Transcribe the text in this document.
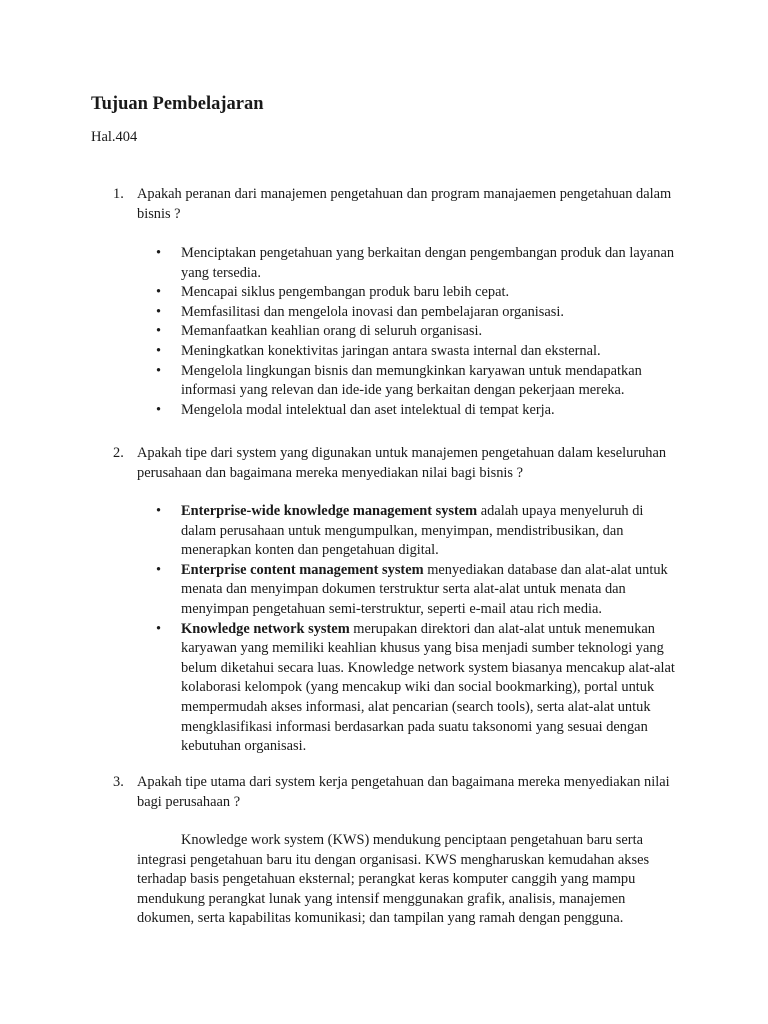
Tujuan Pembelajaran

Hal.404

1. Apakah peranan dari manajemen pengetahuan dan program manajaemen pengetahuan dalam bisnis ?
• Menciptakan pengetahuan yang berkaitan dengan pengembangan produk dan layanan yang tersedia.
• Mencapai siklus pengembangan produk baru lebih cepat.
• Memfasilitasi dan mengelola inovasi dan pembelajaran organisasi.
• Memanfaatkan keahlian orang di seluruh organisasi.
• Meningkatkan konektivitas jaringan antara swasta internal dan eksternal.
• Mengelola lingkungan bisnis dan memungkinkan karyawan untuk mendapatkan informasi yang relevan dan ide-ide yang berkaitan dengan pekerjaan mereka.
• Mengelola modal intelektual dan aset intelektual di tempat kerja.
2. Apakah tipe dari system yang digunakan untuk manajemen pengetahuan dalam keseluruhan perusahaan dan bagaimana mereka menyediakan nilai bagi bisnis ?
• Enterprise-wide knowledge management system adalah upaya menyeluruh di dalam perusahaan untuk mengumpulkan, menyimpan, mendistribusikan, dan menerapkan konten dan pengetahuan digital.
• Enterprise content management system menyediakan database dan alat-alat untuk menata dan menyimpan dokumen terstruktur serta alat-alat untuk menata dan menyimpan pengetahuan semi-terstruktur, seperti e-mail atau rich media.
• Knowledge network system merupakan direktori dan alat-alat untuk menemukan karyawan yang memiliki keahlian khusus yang bisa menjadi sumber teknologi yang belum diketahui secara luas. Knowledge network system biasanya mencakup alat-alat kolaborasi kelompok (yang mencakup wiki dan social bookmarking), portal untuk mempermudah akses informasi, alat pencarian (search tools), serta alat-alat untuk mengklasifikasi informasi berdasarkan pada suatu taksonomi yang sesuai dengan kebutuhan organisasi.
3. Apakah tipe utama dari system kerja pengetahuan dan bagaimana mereka menyediakan nilai bagi perusahaan ?

Knowledge work system (KWS) mendukung penciptaan pengetahuan baru serta integrasi pengetahuan baru itu dengan organisasi. KWS mengharuskan kemudahan akses terhadap basis pengetahuan eksternal; perangkat keras komputer canggih yang mampu mendukung perangkat lunak yang intensif menggunakan grafik, analisis, manajemen dokumen, serta kapabilitas komunikasi; dan tampilan yang ramah dengan pengguna.
